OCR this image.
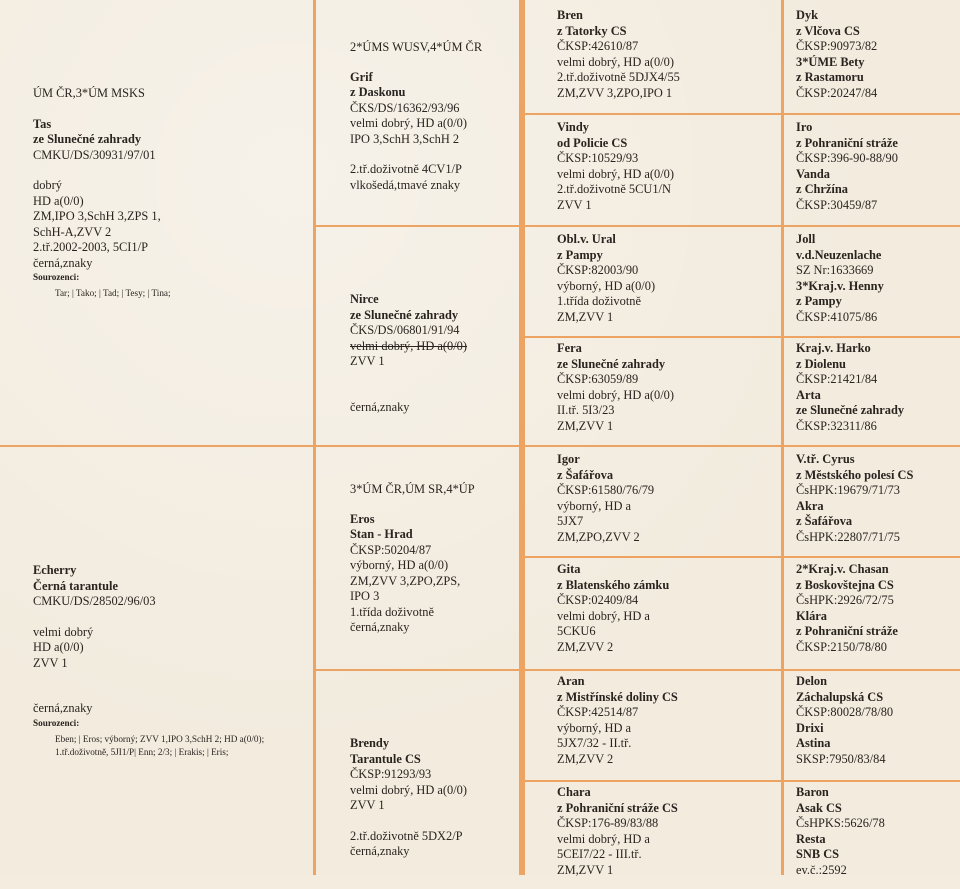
ÚM ČR,3*ÚM MSKS
Tas
ze Slunečné zahrady
CMKU/DS/30931/97/01
dobrý
HD a(0/0)
ZM,IPO 3,SchH 3,ZPS 1,
SchH-A,ZVV 2
2.tř.2002-2003, 5CI1/P
černá,znaky
Sourozenci:
Tar; | Tako; | Tad; | Tesy; | Tina;
Echerry
Černá tarantule
CMKU/DS/28502/96/03
velmi dobrý
HD a(0/0)
ZVV 1
černá,znaky
Sourozenci:
Eben; | Eros; výborný; ZVV 1,IPO 3,SchH 2; HD a(0/0); 1.tř.doživotně, 5JI1/P| Enn; 2/3; | Erakis; | Eris;
2*ÚMS WUSV,4*ÚM ČR
Grif
z Daskonu
ČKS/DS/16362/93/96
velmi dobrý, HD a(0/0)
IPO 3,SchH 3,SchH 2
2.tř.doživotně 4CV1/P
vlkošedá,tmavé znaky
Nirce
ze Slunečné zahrady
ČKS/DS/06801/91/94
velmi dobrý, HD a(0/0)
ZVV 1
černá,znaky
3*ÚM ČR,ÚM SR,4*ÚP
Eros
Stan - Hrad
ČKSP:50204/87
výborný, HD a(0/0)
ZM,ZVV 3,ZPO,ZPS,
IPO 3
1.třída doživotně
černá,znaky
Brendy
Tarantule CS
ČKSP:91293/93
velmi dobrý, HD a(0/0)
ZVV 1
2.tř.doživotně 5DX2/P
černá,znaky
Bren
z Tatorky CS
ČKSP:42610/87
velmi dobrý, HD a(0/0)
2.tř.doživotně 5DJX4/55
ZM,ZVV 3,ZPO,IPO 1
Vindy
od Policie CS
ČKSP:10529/93
velmi dobrý, HD a(0/0)
2.tř.doživotně 5CU1/N
ZVV 1
Obl.v. Ural
z Pampy
ČKSP:82003/90
výborný, HD a(0/0)
1.třída doživotně
ZM,ZVV 1
Fera
ze Slunečné zahrady
ČKSP:63059/89
velmi dobrý, HD a(0/0)
II.tř. 5I3/23
ZM,ZVV 1
Igor
z Šafářova
ČKSP:61580/76/79
výborný, HD a
5JX7
ZM,ZPO,ZVV 2
Gita
z Blatenského zámku
ČKSP:02409/84
velmi dobrý, HD a
5CKU6
ZM,ZVV 2
Aran
z Mistřínské doliny CS
ČKSP:42514/87
výborný, HD a
5JX7/32 - II.tř.
ZM,ZVV 2
Chara
z Pohraniční stráže CS
ČKSP:176-89/83/88
velmi dobrý, HD a
5CEI7/22 - III.tř.
ZM,ZVV 1
Dyk
z Vlčova CS
ČKSP:90973/82
3*ÚME Bety
z Rastamoru
ČKSP:20247/84
Iro
z Pohraniční stráže
ČKSP:396-90-88/90
Vanda
z Chržína
ČKSP:30459/87
Joll
v.d.Neuzenlache
SZ Nr:1633669
3*Kraj.v. Henny
z Pampy
ČKSP:41075/86
Kraj.v. Harko
z Diolenu
ČKSP:21421/84
Arta
ze Slunečné zahrady
ČKSP:32311/86
V.tř. Cyrus
z Městského polesí CS
ČsHPK:19679/71/73
Akra
z Šafářova
ČsHPK:22807/71/75
2*Kraj.v. Chasan
z Boskovštejna CS
ČsHPK:2926/72/75
Klára
z Pohraniční stráže
ČKSP:2150/78/80
Delon
Záchalupská CS
ČKSP:80028/78/80
Drixi
Astina
SKSP:7950/83/84
Baron
Asak CS
ČsHPKS:5626/78
Resta
SNB CS
ev.č.:2592
